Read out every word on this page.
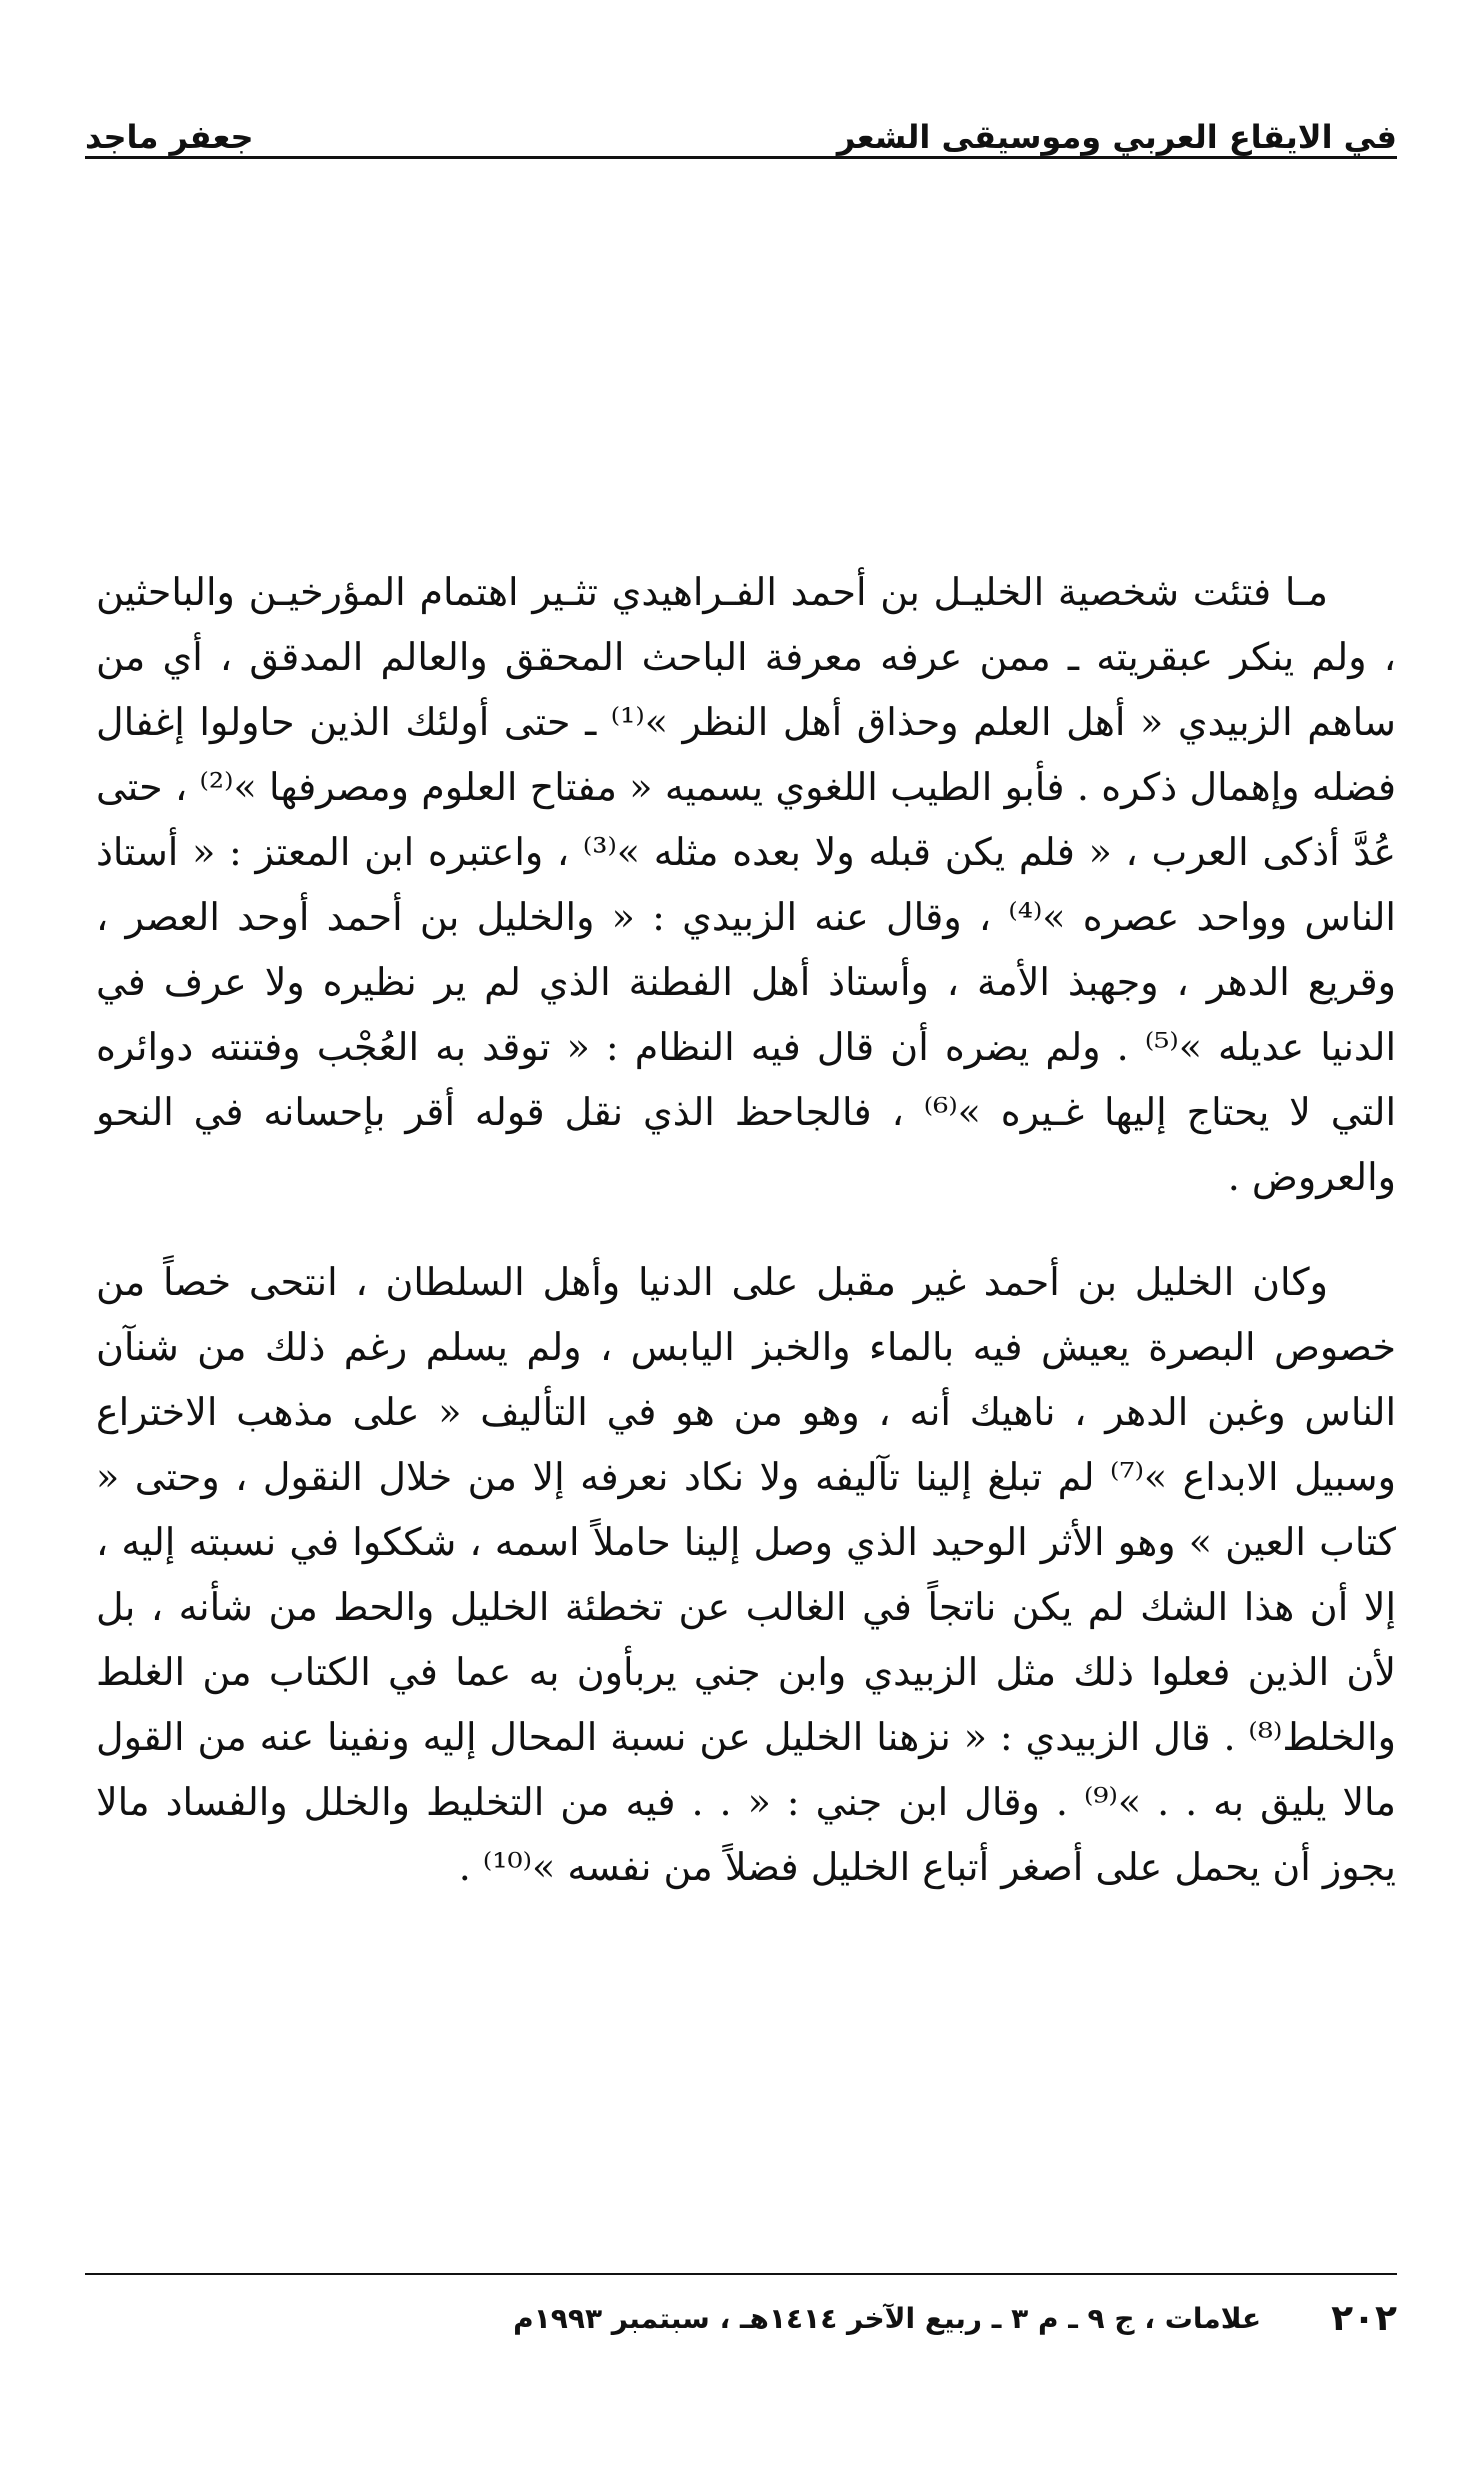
في الايقاع العربي وموسيقى الشعر
جعفر ماجد

مـا فتئت شخصية الخليـل بن أحمد الفـراهيدي تثـير اهتمام المؤرخيـن والباحثين ، ولم ينكر عبقريته ـ ممن عرفه معرفة الباحث المحقق والعالم المدقق ، أي من ساهم الزبيدي « أهل العلم وحذاق أهل النظر »⁽¹⁾ ـ حتى أولئك الذين حاولوا إغفال فضله وإهمال ذكره . فأبو الطيب اللغوي يسميه « مفتاح العلوم ومصرفها »⁽²⁾ ، حتى عُدَّ أذكى العرب ، « فلم يكن قبله ولا بعده مثله »⁽³⁾ ، واعتبره ابن المعتز : « أستاذ الناس وواحد عصره »⁽⁴⁾ ، وقال عنه الزبيدي : « والخليل بن أحمد أوحد العصر ، وقريع الدهر ، وجهبذ الأمة ، وأستاذ أهل الفطنة الذي لم ير نظيره ولا عرف في الدنيا عديله »⁽⁵⁾ . ولم يضره أن قال فيه النظام : « توقد به العُجْب وفتنته دوائره التي لا يحتاج إليها غـيره »⁽⁶⁾ ، فالجاحظ الذي نقل قوله أقر بإحسانه في النحو والعروض .

وكان الخليل بن أحمد غير مقبل على الدنيا وأهل السلطان ، انتحى خصاً من خصوص البصرة يعيش فيه بالماء والخبز اليابس ، ولم يسلم رغم ذلك من شنآن الناس وغبن الدهر ، ناهيك أنه ، وهو من هو في التأليف « على مذهب الاختراع وسبيل الابداع »⁽⁷⁾ لم تبلغ إلينا تآليفه ولا نكاد نعرفه إلا من خلال النقول ، وحتى « كتاب العين » وهو الأثر الوحيد الذي وصل إلينا حاملاً اسمه ، شككوا في نسبته إليه ، إلا أن هذا الشك لم يكن ناتجاً في الغالب عن تخطئة الخليل والحط من شأنه ، بل لأن الذين فعلوا ذلك مثل الزبيدي وابن جني يربأون به عما في الكتاب من الغلط والخلط⁽⁸⁾ . قال الزبيدي : « نزهنا الخليل عن نسبة المحال إليه ونفينا عنه من القول مالا يليق به . . »⁽⁹⁾ . وقال ابن جني : « . . فيه من التخليط والخلل والفساد مالا يجوز أن يحمل على أصغر أتباع الخليل فضلاً من نفسه »⁽¹⁰⁾ .

٢٠٢
علامات ، ج ٩ ـ م ٣ ـ ربيع الآخر ١٤١٤هـ ، سبتمبر ١٩٩٣م
